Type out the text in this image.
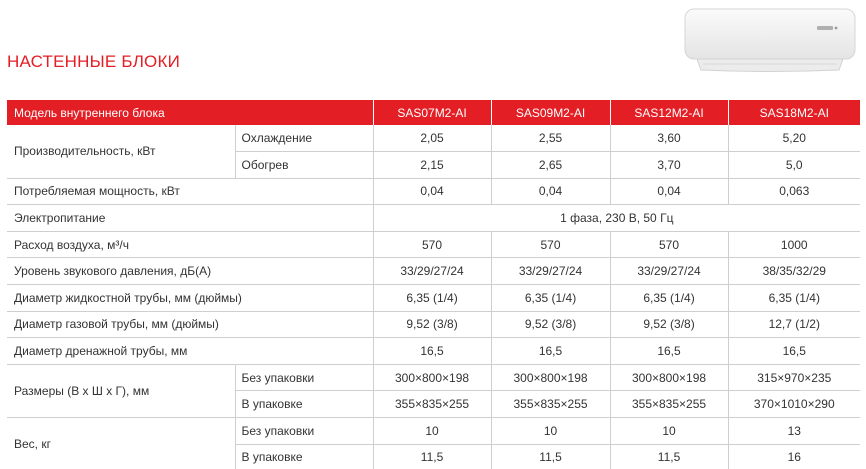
НАСТЕННЫЕ БЛОКИ
Модель внутреннего блока		SAS07M2-AI	SAS09M2-AI	SAS12M2-AI	SAS18M2-AI
Производительность, кВт	Охлаждение	2,05	2,55	3,60	5,20
	Обогрев	2,15	2,65	3,70	5,0
Потребляемая мощность, кВт		0,04	0,04	0,04	0,063
Электропитание		1 фаза, 230 В, 50 Гц			
Расход воздуха, м³/ч		570	570	570	1000
Уровень звукового давления, дБ(А)		33/29/27/24	33/29/27/24	33/29/27/24	38/35/32/29
Диаметр жидкостной трубы, мм (дюймы)		6,35 (1/4)	6,35 (1/4)	6,35 (1/4)	6,35 (1/4)
Диаметр газовой трубы, мм (дюймы)		9,52 (3/8)	9,52 (3/8)	9,52 (3/8)	12,7 (1/2)
Диаметр дренажной трубы, мм		16,5	16,5	16,5	16,5
Размеры (В х Ш х Г), мм	Без упаковки	300×800×198	300×800×198	300×800×198	315×970×235
	В упаковке	355×835×255	355×835×255	355×835×255	370×1010×290
Вес, кг	Без упаковки	10	10	10	13
	В упаковке	11,5	11,5	11,5	16
